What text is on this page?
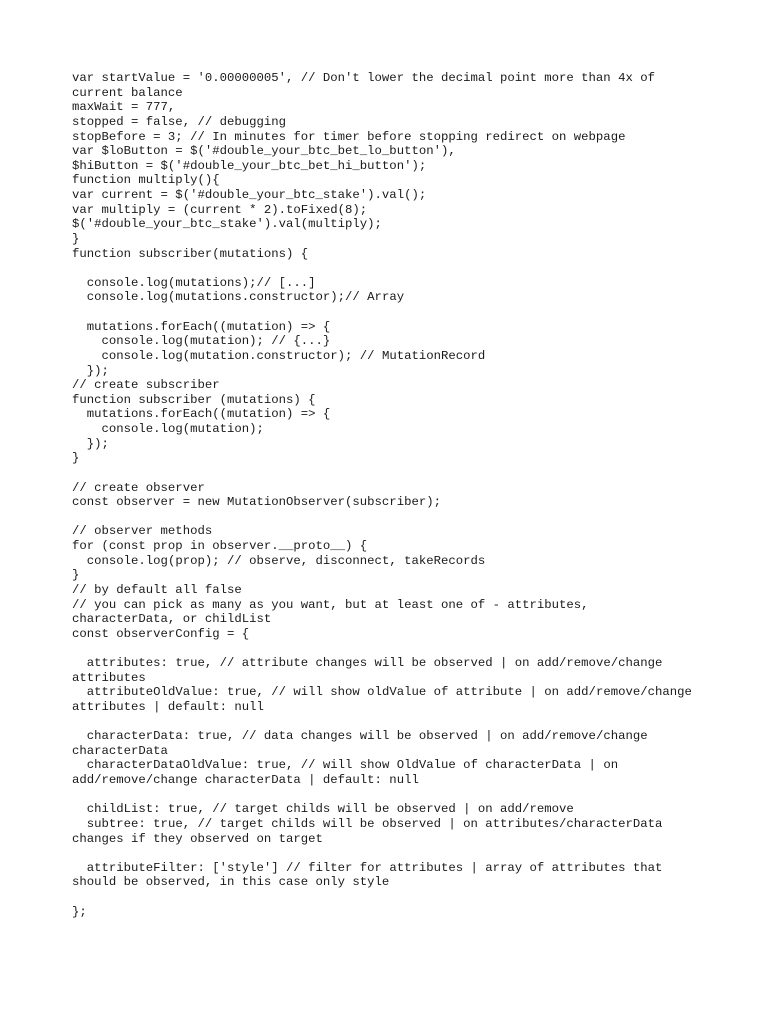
var startValue = '0.00000005', // Don't lower the decimal point more than 4x of current balance
maxWait = 777,
stopped = false, // debugging
stopBefore = 3; // In minutes for timer before stopping redirect on webpage
var $loButton = $('#double_your_btc_bet_lo_button'),
$hiButton = $('#double_your_btc_bet_hi_button');
function multiply(){
var current = $('#double_your_btc_stake').val();
var multiply = (current * 2).toFixed(8);
$('#double_your_btc_stake').val(multiply);
}
function subscriber(mutations) {

console.log(mutations);// [...]
console.log(mutations.constructor);// Array

mutations.forEach((mutation) => {
console.log(mutation); // {...}
console.log(mutation.constructor); // MutationRecord
});
// create subscriber
function subscriber (mutations) {
mutations.forEach((mutation) => {
console.log(mutation);
});
}

// create observer
const observer = new MutationObserver(subscriber);

// observer methods
for (const prop in observer.__proto__) {
console.log(prop); // observe, disconnect, takeRecords
}
// by default all false
// you can pick as many as you want, but at least one of - attributes, characterData, or childList
const observerConfig = {

attributes: true, // attribute changes will be observed | on add/remove/change attributes
attributeOldValue: true, // will show oldValue of attribute | on add/remove/change attributes | default: null

characterData: true, // data changes will be observed | on add/remove/change characterData
characterDataOldValue: true, // will show OldValue of characterData | on add/remove/change characterData | default: null

childList: true, // target childs will be observed | on add/remove
subtree: true, // target childs will be observed | on attributes/characterData changes if they observed on target

attributeFilter: ['style'] // filter for attributes | array of attributes that should be observed, in this case only style

};
